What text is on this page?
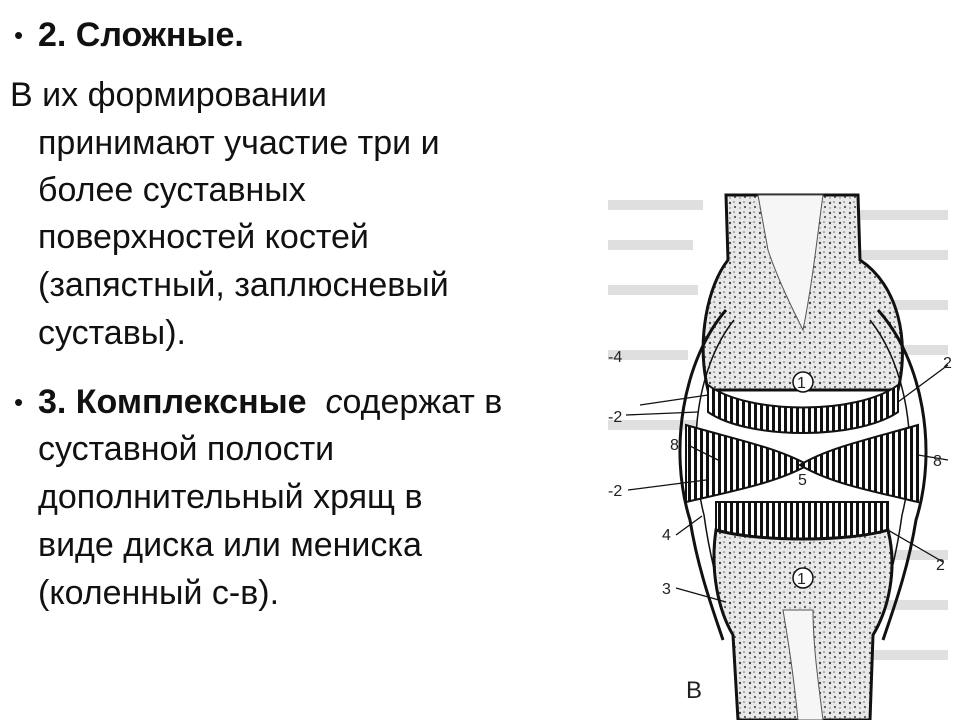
• 2. Сложные.
В их формировании
принимают участие три и
более суставных
поверхностей костей
(запястный, заплюсневый
суставы).
• 3. Комплексные содержат в
суставной полости
дополнительный хрящ в
виде диска или мениска
(коленный с-в).
1
1
2
2
-2
-2
3
4
-4
5
8
8
В
